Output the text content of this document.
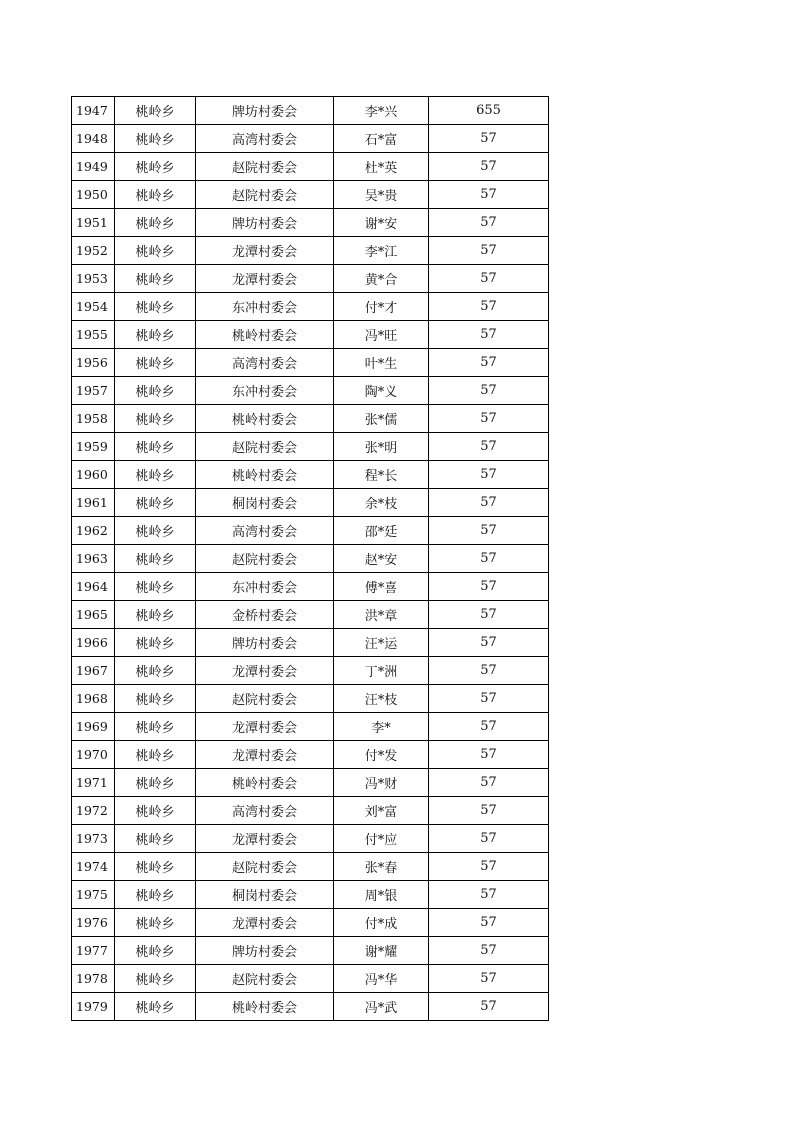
1947	桃岭乡	牌坊村委会	李*兴	655
1948	桃岭乡	高湾村委会	石*富	57
1949	桃岭乡	赵院村委会	杜*英	57
1950	桃岭乡	赵院村委会	吴*贵	57
1951	桃岭乡	牌坊村委会	谢*安	57
1952	桃岭乡	龙潭村委会	李*江	57
1953	桃岭乡	龙潭村委会	黄*合	57
1954	桃岭乡	东冲村委会	付*才	57
1955	桃岭乡	桃岭村委会	冯*旺	57
1956	桃岭乡	高湾村委会	叶*生	57
1957	桃岭乡	东冲村委会	陶*义	57
1958	桃岭乡	桃岭村委会	张*儒	57
1959	桃岭乡	赵院村委会	张*明	57
1960	桃岭乡	桃岭村委会	程*长	57
1961	桃岭乡	桐岗村委会	余*枝	57
1962	桃岭乡	高湾村委会	邵*廷	57
1963	桃岭乡	赵院村委会	赵*安	57
1964	桃岭乡	东冲村委会	傅*喜	57
1965	桃岭乡	金桥村委会	洪*章	57
1966	桃岭乡	牌坊村委会	汪*运	57
1967	桃岭乡	龙潭村委会	丁*洲	57
1968	桃岭乡	赵院村委会	汪*枝	57
1969	桃岭乡	龙潭村委会	李*	57
1970	桃岭乡	龙潭村委会	付*发	57
1971	桃岭乡	桃岭村委会	冯*财	57
1972	桃岭乡	高湾村委会	刘*富	57
1973	桃岭乡	龙潭村委会	付*应	57
1974	桃岭乡	赵院村委会	张*春	57
1975	桃岭乡	桐岗村委会	周*银	57
1976	桃岭乡	龙潭村委会	付*成	57
1977	桃岭乡	牌坊村委会	谢*耀	57
1978	桃岭乡	赵院村委会	冯*华	57
1979	桃岭乡	桃岭村委会	冯*武	57
